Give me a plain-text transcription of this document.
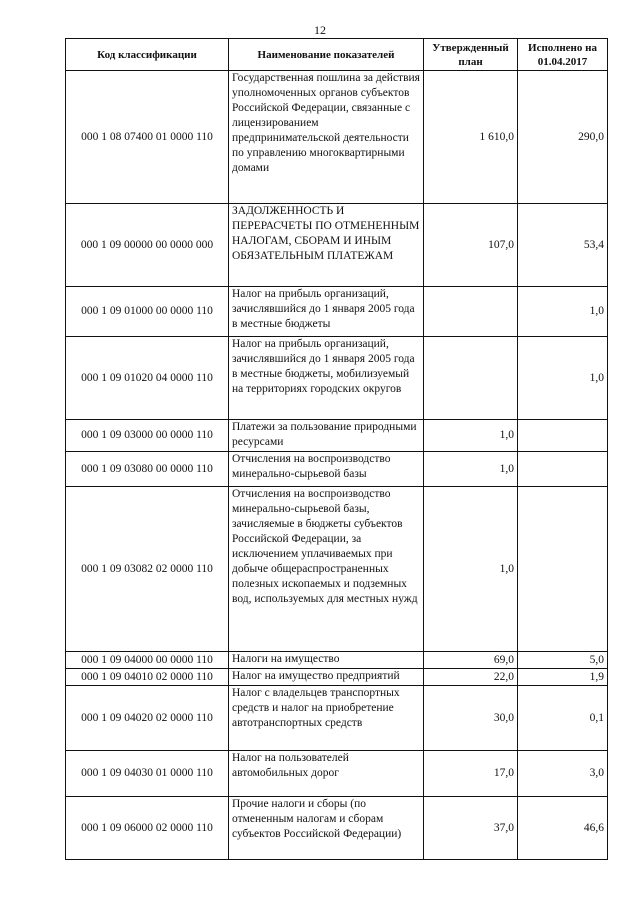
12
Код классификации	Наименование показателей	Утвержденный план	Исполнено на 01.04.2017
000 1 08 07400 01 0000 110	Государственная пошлина за действия уполномоченных органов субъектов Российской Федерации, связанные с лицензированием предпринимательской деятельности по управлению многоквартирными домами	1 610,0	290,0
000 1 09 00000 00 0000 000	ЗАДОЛЖЕННОСТЬ И ПЕРЕРАСЧЕТЫ ПО ОТМЕНЕННЫМ НАЛОГАМ, СБОРАМ И ИНЫМ ОБЯЗАТЕЛЬНЫМ ПЛАТЕЖАМ	107,0	53,4
000 1 09 01000 00 0000 110	Налог на прибыль организаций, зачислявшийся до 1 января 2005 года в местные бюджеты		1,0
000 1 09 01020 04 0000 110	Налог на прибыль организаций, зачислявшийся до 1 января 2005 года в местные бюджеты, мобилизуемый на территориях городских округов		1,0
000 1 09 03000 00 0000 110	Платежи за пользование природными ресурсами	1,0	
000 1 09 03080 00 0000 110	Отчисления на воспроизводство минерально-сырьевой базы	1,0	
000 1 09 03082 02 0000 110	Отчисления на воспроизводство минерально-сырьевой базы, зачисляемые в бюджеты субъектов Российской Федерации, за исключением уплачиваемых при добыче общераспространенных полезных ископаемых и подземных вод, используемых для местных нужд	1,0	
000 1 09 04000 00 0000 110	Налоги на имущество	69,0	5,0
000 1 09 04010 02 0000 110	Налог на имущество предприятий	22,0	1,9
000 1 09 04020 02 0000 110	Налог с владельцев транспортных средств и налог на приобретение автотранспортных средств	30,0	0,1
000 1 09 04030 01 0000 110	Налог на пользователей автомобильных дорог	17,0	3,0
000 1 09 06000 02 0000 110	Прочие налоги и сборы (по отмененным налогам и сборам субъектов Российской Федерации)	37,0	46,6
